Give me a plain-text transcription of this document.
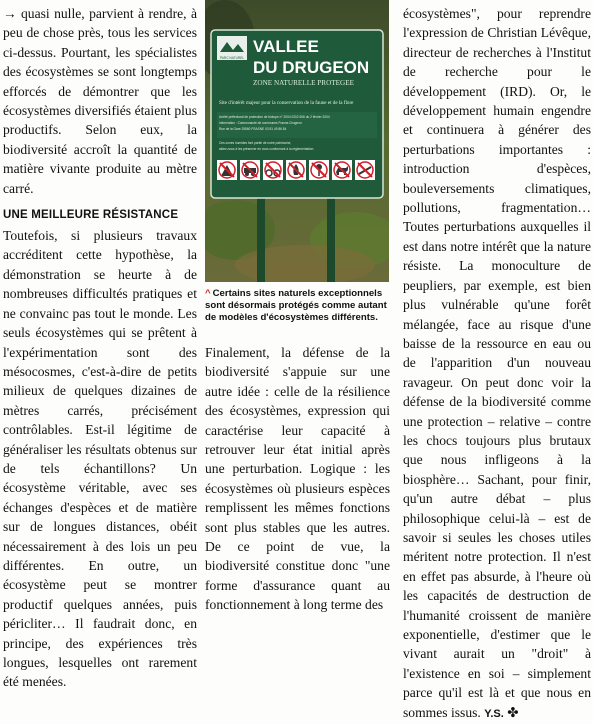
→ quasi nulle, parvient à rendre, à peu de chose près, tous les services ci-dessus. Pourtant, les spécialistes des écosystèmes se sont longtemps efforcés de démontrer que les écosystèmes diversifiés étaient plus productifs. Selon eux, la biodiversité accroît la quantité de matière vivante produite au mètre carré.

UNE MEILLEURE RÉSISTANCE

Toutefois, si plusieurs travaux accréditent cette hypothèse, la démonstration se heurte à de nombreuses difficultés pratiques et ne convainc pas tout le monde. Les seuls écosystèmes qui se prêtent à l'expérimentation sont des mésocosmes, c'est-à-dire de petits milieux de quelques dizaines de mètres carrés, précisément contrôlables. Est-il légitime de généraliser les résultats obtenus sur de tels échantillons? Un écosystème véritable, avec ses échanges d'espèces et de matière sur de longues distances, obéit nécessairement à des lois un peu différentes. En outre, un écosystème peut se montrer productif quelques années, puis péricliter… Il faudrait donc, en principe, des expériences très longues, lesquelles ont rarement été menées.

PARC NATUREL
VALLEE
DU DRUGEON
ZONE NATURELLE PROTEGEE
Site d'intérêt majeur pour la conservation de la faune et de la flore
Arrêté préfectoral de protection de biotope n° 2004 0202 606 du 2 février 2004
Information : Communauté de communes Frasne-Drugeon
Rue de la Gare 25560 FRASNE 03 81 49 86 84
Ces zones humides font partie de notre patrimoine,
aidez-nous à les préserver en vous conformant à la réglementation
^ Certains sites naturels exceptionnels sont désormais protégés comme autant de modèles d'écosystèmes différents.

Finalement, la défense de la biodiversité s'appuie sur une autre idée : celle de la résilience des écosystèmes, expression qui caractérise leur capacité à retrouver leur état initial après une perturbation. Logique : les écosystèmes où plusieurs espèces remplissent les mêmes fonctions sont plus stables que les autres. De ce point de vue, la biodiversité constitue donc "une forme d'assurance quant au fonctionnement à long terme des

écosystèmes", pour reprendre l'expression de Christian Lévêque, directeur de recherches à l'Institut de recherche pour le développement (IRD). Or, le développement humain engendre et continuera à générer des perturbations importantes : introduction d'espèces, bouleversements climatiques, pollutions, fragmentation… Toutes perturbations auxquelles il est dans notre intérêt que la nature résiste. La monoculture de peupliers, par exemple, est bien plus vulnérable qu'une forêt mélangée, face au risque d'une baisse de la ressource en eau ou de l'apparition d'un nouveau ravageur. On peut donc voir la défense de la biodiversité comme une protection – relative – contre les chocs toujours plus brutaux que nous infligeons à la biosphère… Sachant, pour finir, qu'un autre débat – plus philosophique celui-là – est de savoir si seules les choses utiles méritent notre protection. Il n'est en effet pas absurde, à l'heure où les capacités de destruction de l'humanité croissent de manière exponentielle, d'estimer que le vivant aurait un "droit" à l'existence en soi – simplement parce qu'il est là et que nous en sommes issus. Y.S. ✤
